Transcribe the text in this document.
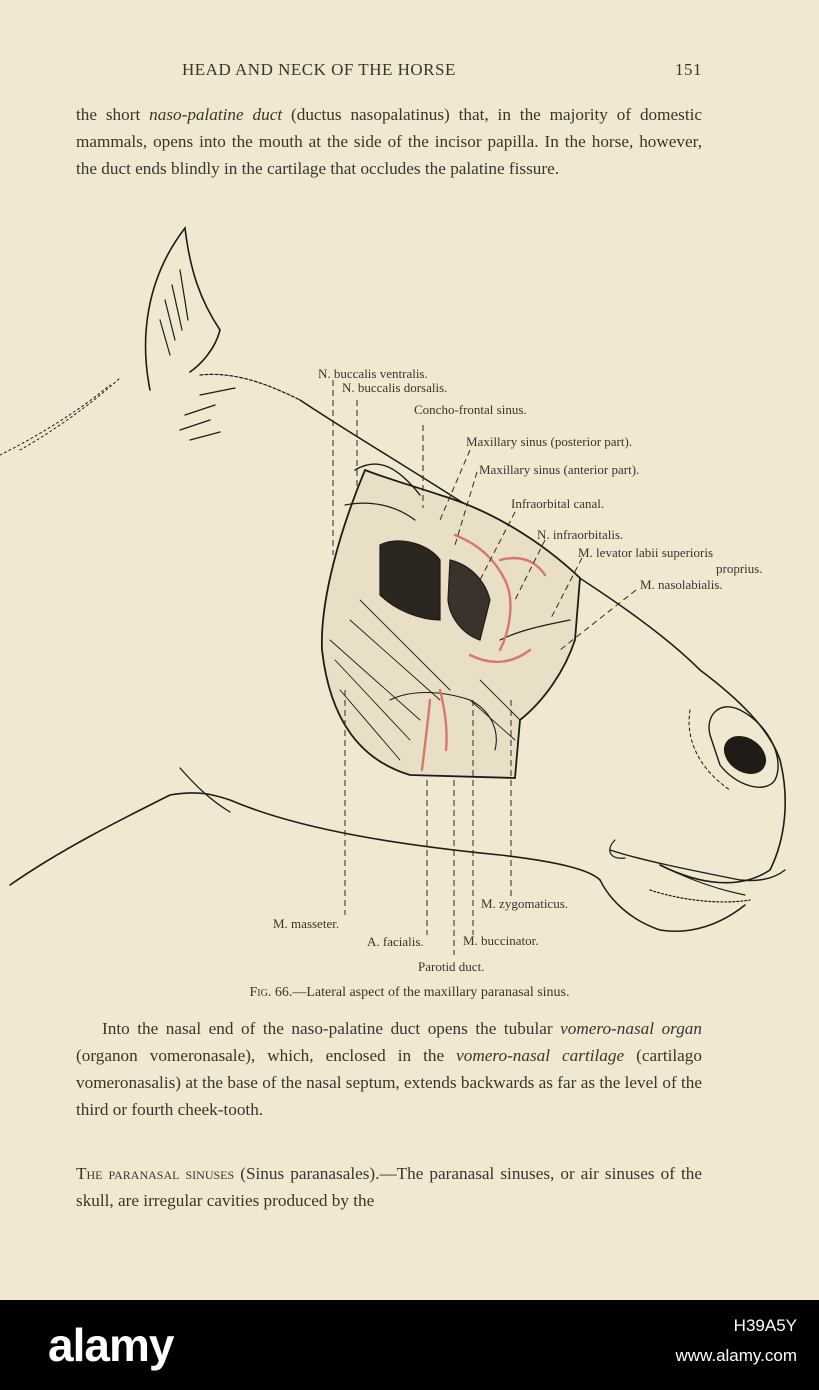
HEAD AND NECK OF THE HORSE	151

the short naso-palatine duct (ductus nasopalatinus) that, in the majority of domestic mammals, opens into the mouth at the side of the incisor papilla. In the horse, however, the duct ends blindly in the cartilage that occludes the palatine fissure.

N. buccalis ventralis.
N. buccalis dorsalis.
Concho-frontal sinus.
Maxillary sinus (posterior part).
Maxillary sinus (anterior part).
Infraorbital canal.
N. infraorbitalis.
M. levator labii superioris
proprius.
M. nasolabialis.
M. masseter.
A. facialis.
Parotid duct.
M. buccinator.
M. zygomaticus.
Fig. 66.—Lateral aspect of the maxillary paranasal sinus.

Into the nasal end of the naso-palatine duct opens the tubular vomero-nasal organ (organon vomeronasale), which, enclosed in the vomero-nasal cartilage (cartilago vomeronasalis) at the base of the nasal septum, extends backwards as far as the level of the third or fourth cheek-tooth.

The paranasal sinuses (Sinus paranasales).—The paranasal sinuses, or air sinuses of the skull, are irregular cavities produced by the

alamy	H39A5Y
www.alamy.com
